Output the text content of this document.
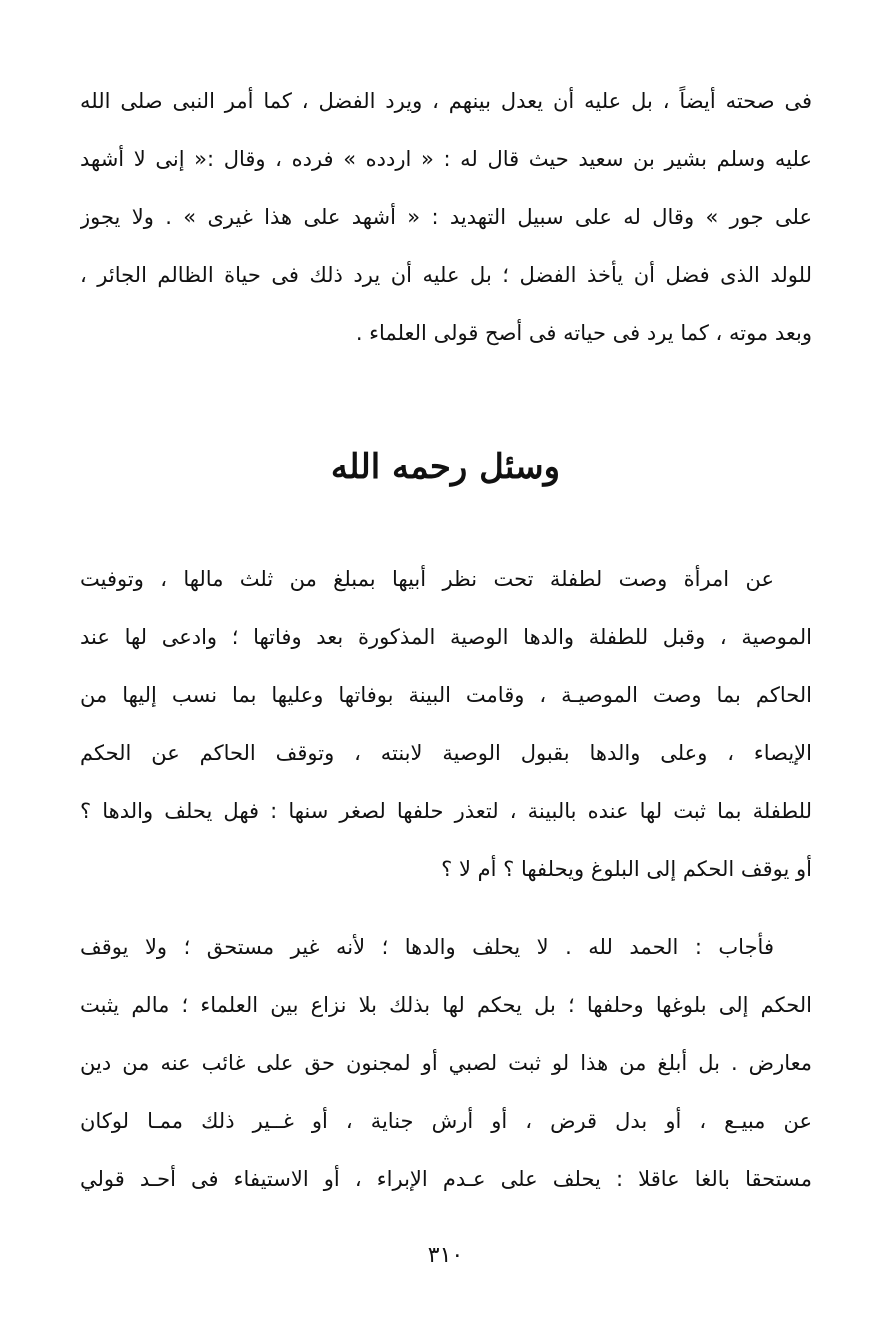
فى صحته أيضاً ، بل عليه أن يعدل بينهم ، ويرد الفضل ، كما أمر النبى صلى الله
عليه وسلم بشير بن سعيد حيث قال له : « اردده » فرده ، وقال :« إنى لا أشهد
على جور » وقال له على سبيل التهديد : « أشهد على هذا غيرى » . ولا يجوز
للولد الذى فضل أن يأخذ الفضل ؛ بل عليه أن يرد ذلك فى حياة الظالم الجائر ،
وبعد موته ، كما يرد فى حياته فى أصح قولى العلماء .
وسئل رحمه الله
عن امرأة وصت لطفلة تحت نظر أبيها بمبلغ من ثلث مالها ، وتوفيت
الموصية ، وقبل للطفلة والدها الوصية المذكورة بعد وفاتها ؛ وادعى لها عند
الحاكم بما وصت الموصيـة ، وقامت البينة بوفاتها وعليها بما نسب إليها من
الإيصاء ، وعلى والدها بقبول الوصية لابنته ، وتوقف الحاكم عن الحكم
للطفلة بما ثبت لها عنده بالبينة ، لتعذر حلفها لصغر سنها : فهل يحلف والدها ؟
أو يوقف الحكم إلى البلوغ ويحلفها ؟ أم لا ؟
فأجاب : الحمد لله . لا يحلف والدها ؛ لأنه غير مستحق ؛ ولا يوقف
الحكم إلى بلوغها وحلفها ؛ بل يحكم لها بذلك بلا نزاع بين العلماء ؛ مالم يثبت
معارض . بل أبلغ من هذا لو ثبت لصبي أو لمجنون حق على غائب عنه من دين
عن مبيـع ، أو بدل قرض ، أو أرش جناية ، أو غــير ذلك ممـا لوكان
مستحقا بالغا عاقلا : يحلف على عـدم الإبراء ، أو الاستيفاء فى أحـد قولي
٣١٠
